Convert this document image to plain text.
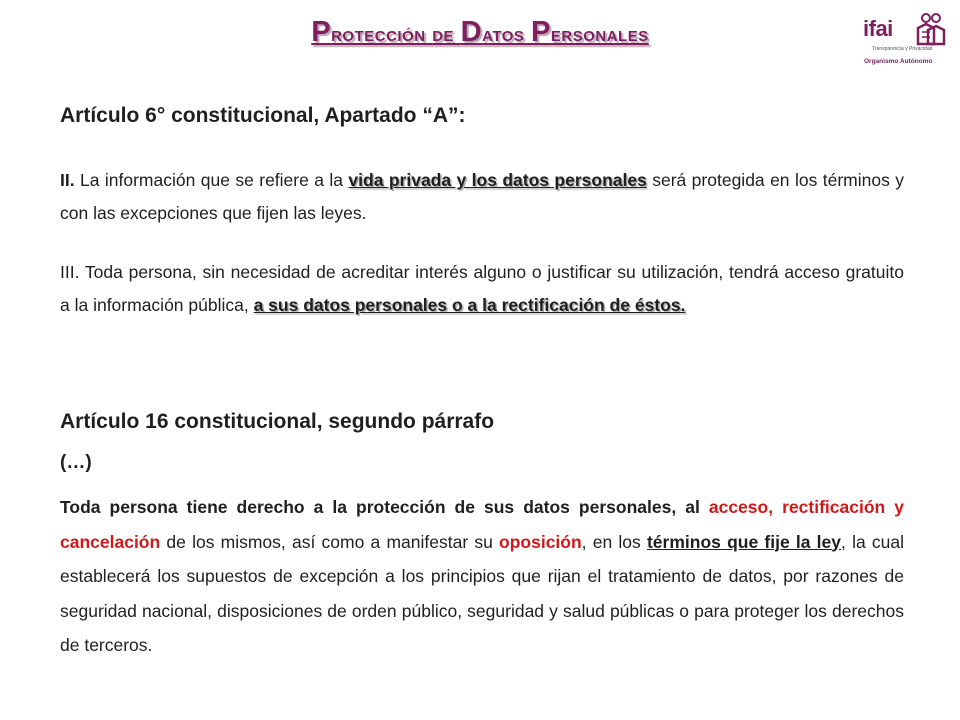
Protección de Datos Personales	ifai
Transparencia y Privacidad
Organismo Autónomo
Artículo 6° constitucional, Apartado “A”:
II. La información que se refiere a la vida privada y los datos personales será protegida en los términos y con las excepciones que fijen las leyes.
III. Toda persona, sin necesidad de acreditar interés alguno o justificar su utilización, tendrá acceso gratuito a la información pública, a sus datos personales o a la rectificación de éstos.
Artículo 16 constitucional, segundo párrafo
(…)
Toda persona tiene derecho a la protección de sus datos personales, al acceso, rectificación y cancelación de los mismos, así como a manifestar su oposición, en los términos que fije la ley, la cual establecerá los supuestos de excepción a los principios que rijan el tratamiento de datos, por razones de seguridad nacional, disposiciones de orden público, seguridad y salud públicas o para proteger los derechos de terceros.
